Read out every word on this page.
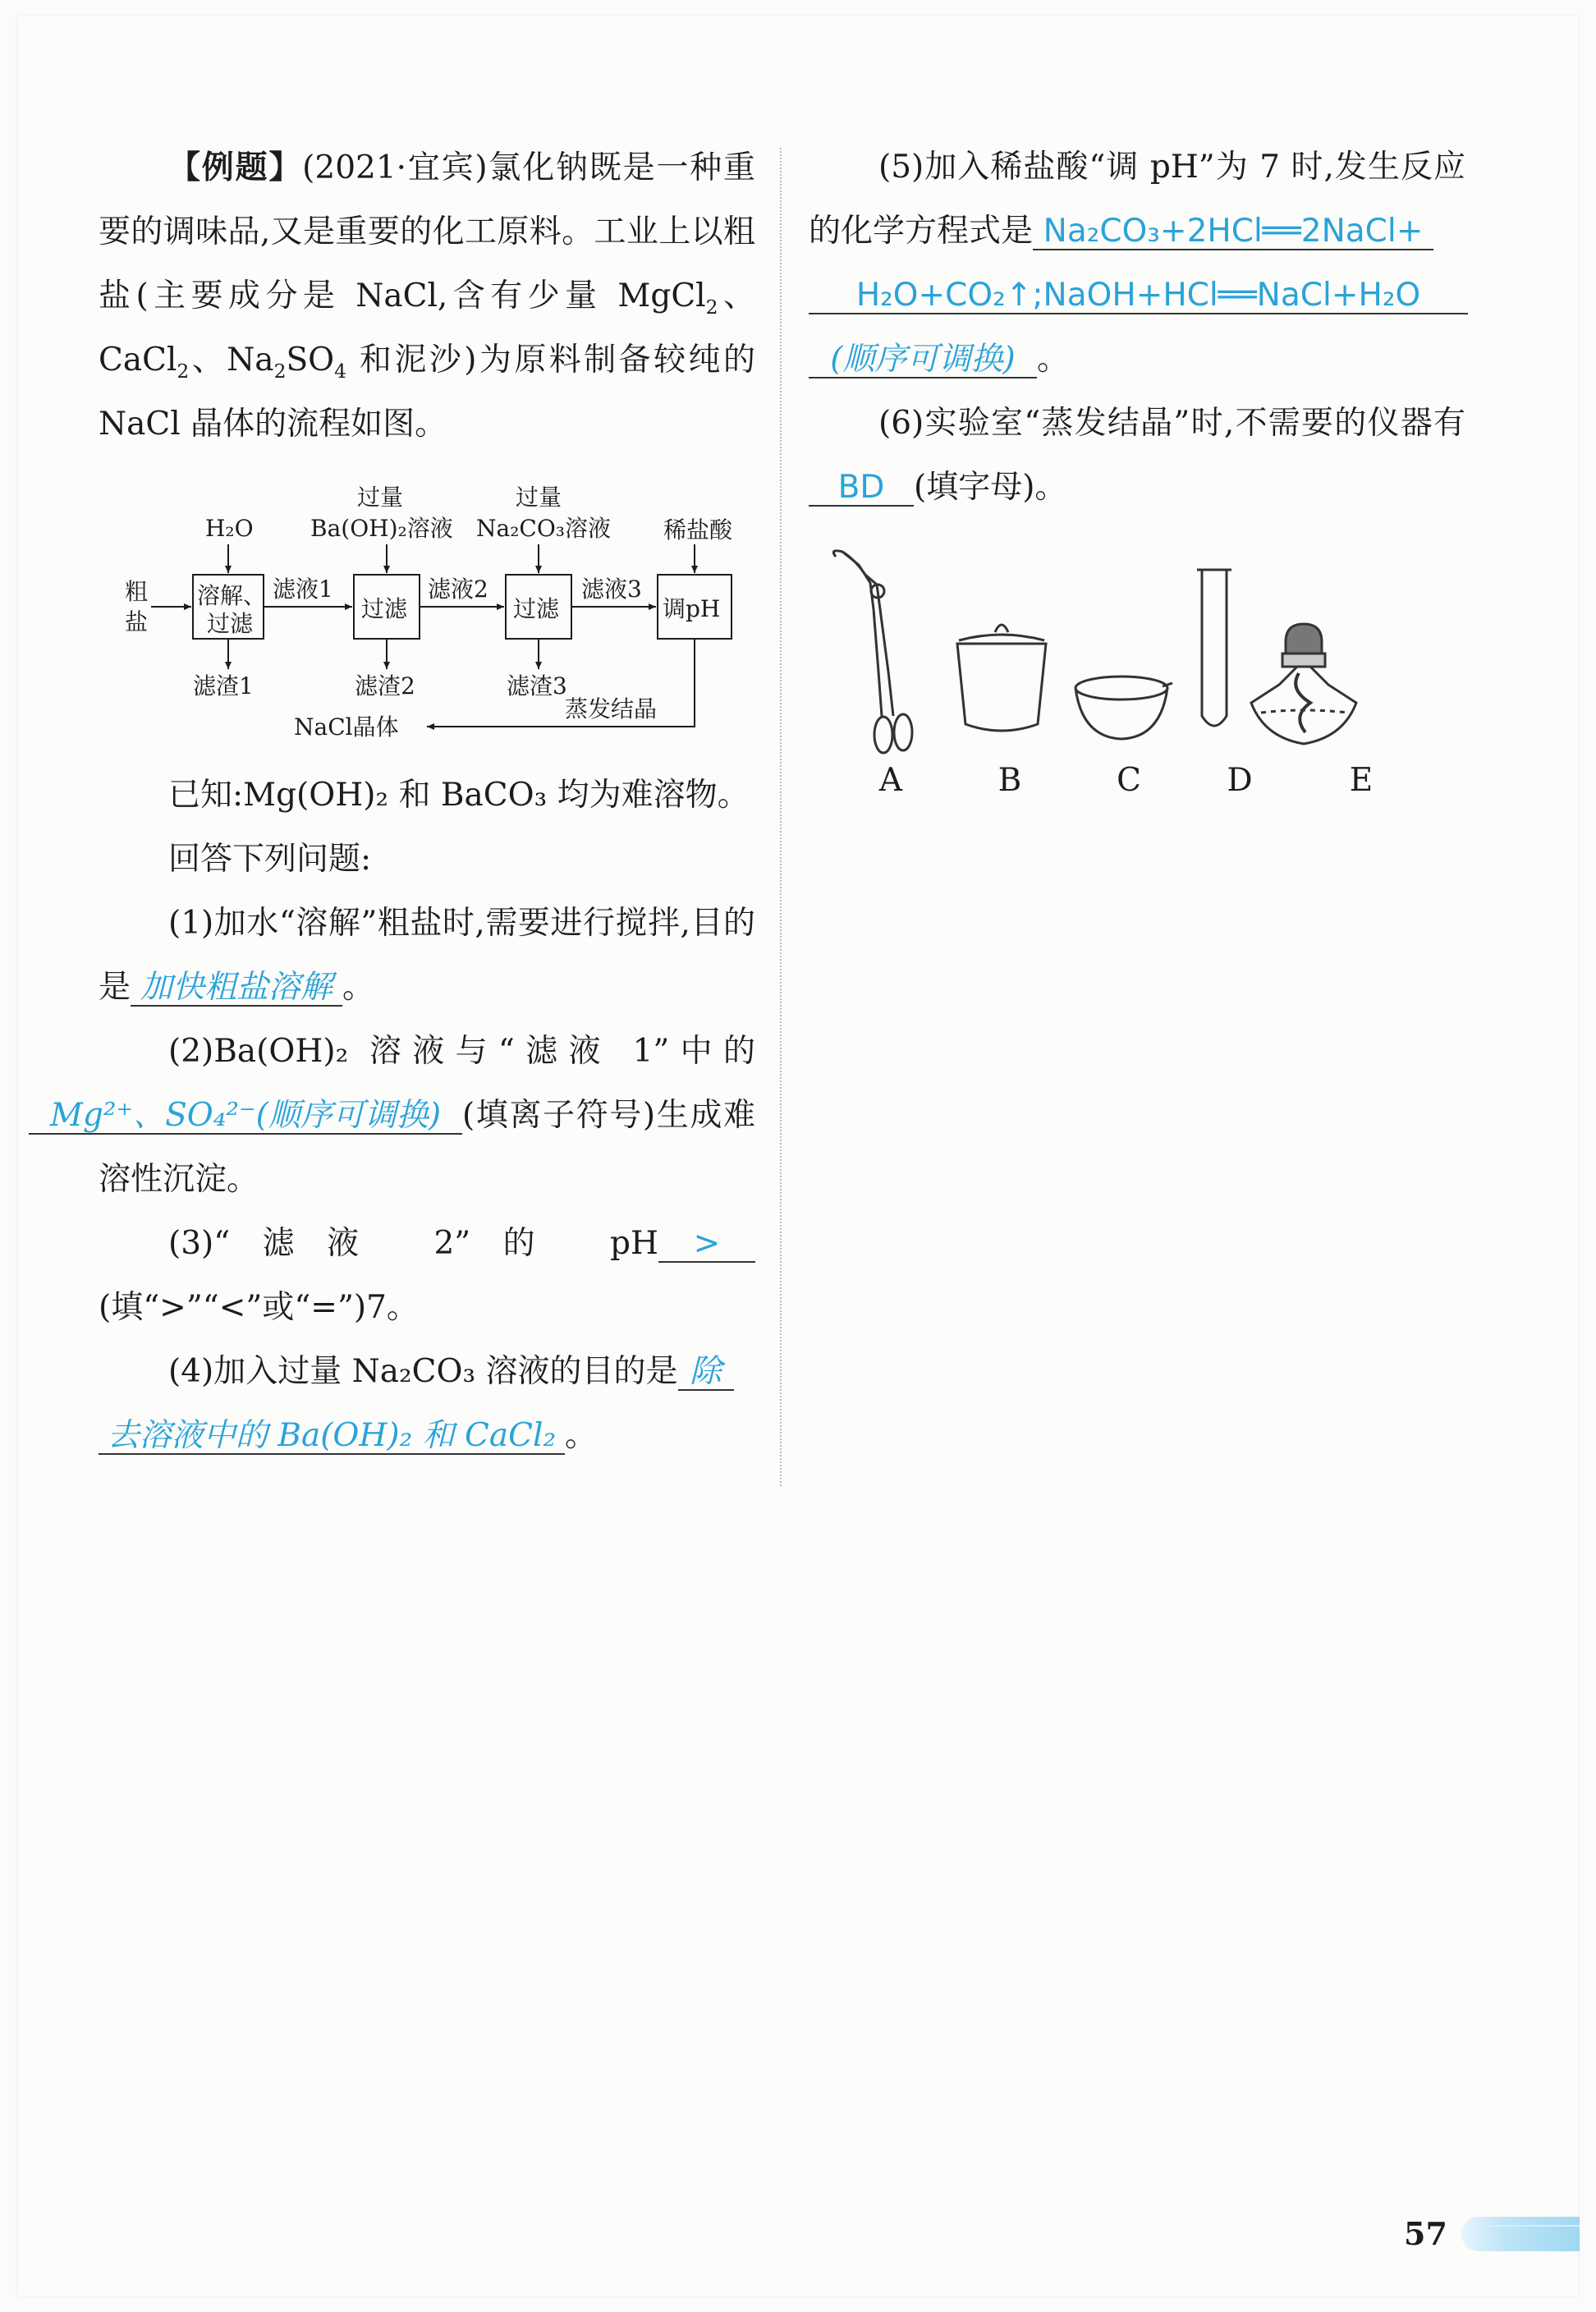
【例题】(2021·宜宾)氯化钠既是一种重要的调味品,又是重要的化工原料。工业上以粗盐(主要成分是 NaCl,含有少量 MgCl$_2$、CaCl$_2$、$Na_2SO_4$ 和泥沙)为原料制备较纯的 NaCl 晶体的流程如图。

粗
盐
溶解、
过滤
过滤	过滤	调pH
H₂O
过量
Ba(OH)₂溶液
过量
Na₂CO₃溶液 稀盐酸
滤液1	滤液2	滤液3
滤渣1	滤渣2	滤渣3
蒸发结晶
NaCl晶体

已知:Mg(OH)₂ 和 BaCO₃ 均为难溶物。

回答下列问题:

(1)加水“溶解”粗盐时,需要进行搅拌,目的是 加快粗盐溶解 。

(2)Ba(OH)₂ 溶液与“滤液 1”中的Mg²⁺、SO₄²⁻(顺序可调换) (填离子符号)生成难溶性沉淀。

(3)“滤液 2”的 pH >(填“>”“<”或“=”)7。

(4)加入过量 Na₂CO₃ 溶液的目的是 除

去溶液中的 Ba(OH)₂ 和 CaCl₂ 。

(5)加入稀盐酸“调 pH”为 7 时,发生反应的化学方程式是 Na₂CO₃+2HCl══2NaCl+

H₂O+CO₂↑;NaOH+HCl══NaCl+H₂O

(顺序可调换) 。

(6)实验室“蒸发结晶”时,不需要的仪器有BD (填字母)。

A	B	C	D	E
57
